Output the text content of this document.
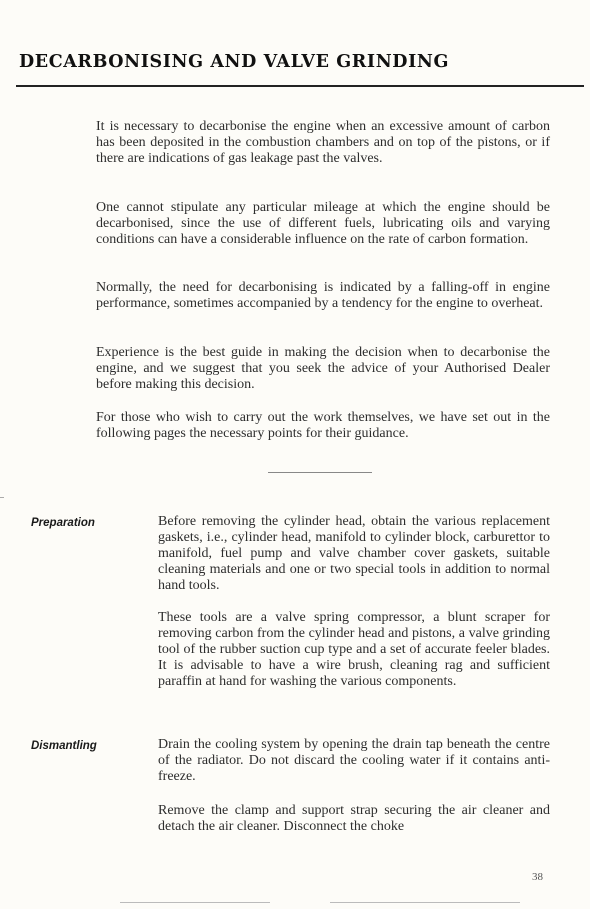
DECARBONISING AND VALVE GRINDING

It is necessary to decarbonise the engine when an excessive amount of carbon has been deposited in the combustion chambers and on top of the pistons, or if there are indications of gas leakage past the valves.

One cannot stipulate any particular mileage at which the engine should be decarbonised, since the use of different fuels, lubricating oils and varying conditions can have a considerable influence on the rate of carbon formation.

Normally, the need for decarbonising is indicated by a falling-off in engine performance, sometimes accompanied by a tendency for the engine to overheat.

Experience is the best guide in making the decision when to decarbonise the engine, and we suggest that you seek the advice of your Authorised Dealer before making this decision.

For those who wish to carry out the work themselves, we have set out in the following pages the necessary points for their guidance.

Preparation	Before removing the cylinder head, obtain the various replacement gaskets, i.e., cylinder head, manifold to cylinder block, carburettor to manifold, fuel pump and valve chamber cover gaskets, suitable cleaning materials and one or two special tools in addition to normal hand tools.

These tools are a valve spring compressor, a blunt scraper for removing carbon from the cylinder head and pistons, a valve grinding tool of the rubber suction cup type and a set of accurate feeler blades. It is advisable to have a wire brush, cleaning rag and sufficient paraffin at hand for washing the various components.

Dismantling	Drain the cooling system by opening the drain tap beneath the centre of the radiator. Do not discard the cooling water if it contains anti-freeze.

Remove the clamp and support strap securing the air cleaner and detach the air cleaner. Disconnect the choke

38
